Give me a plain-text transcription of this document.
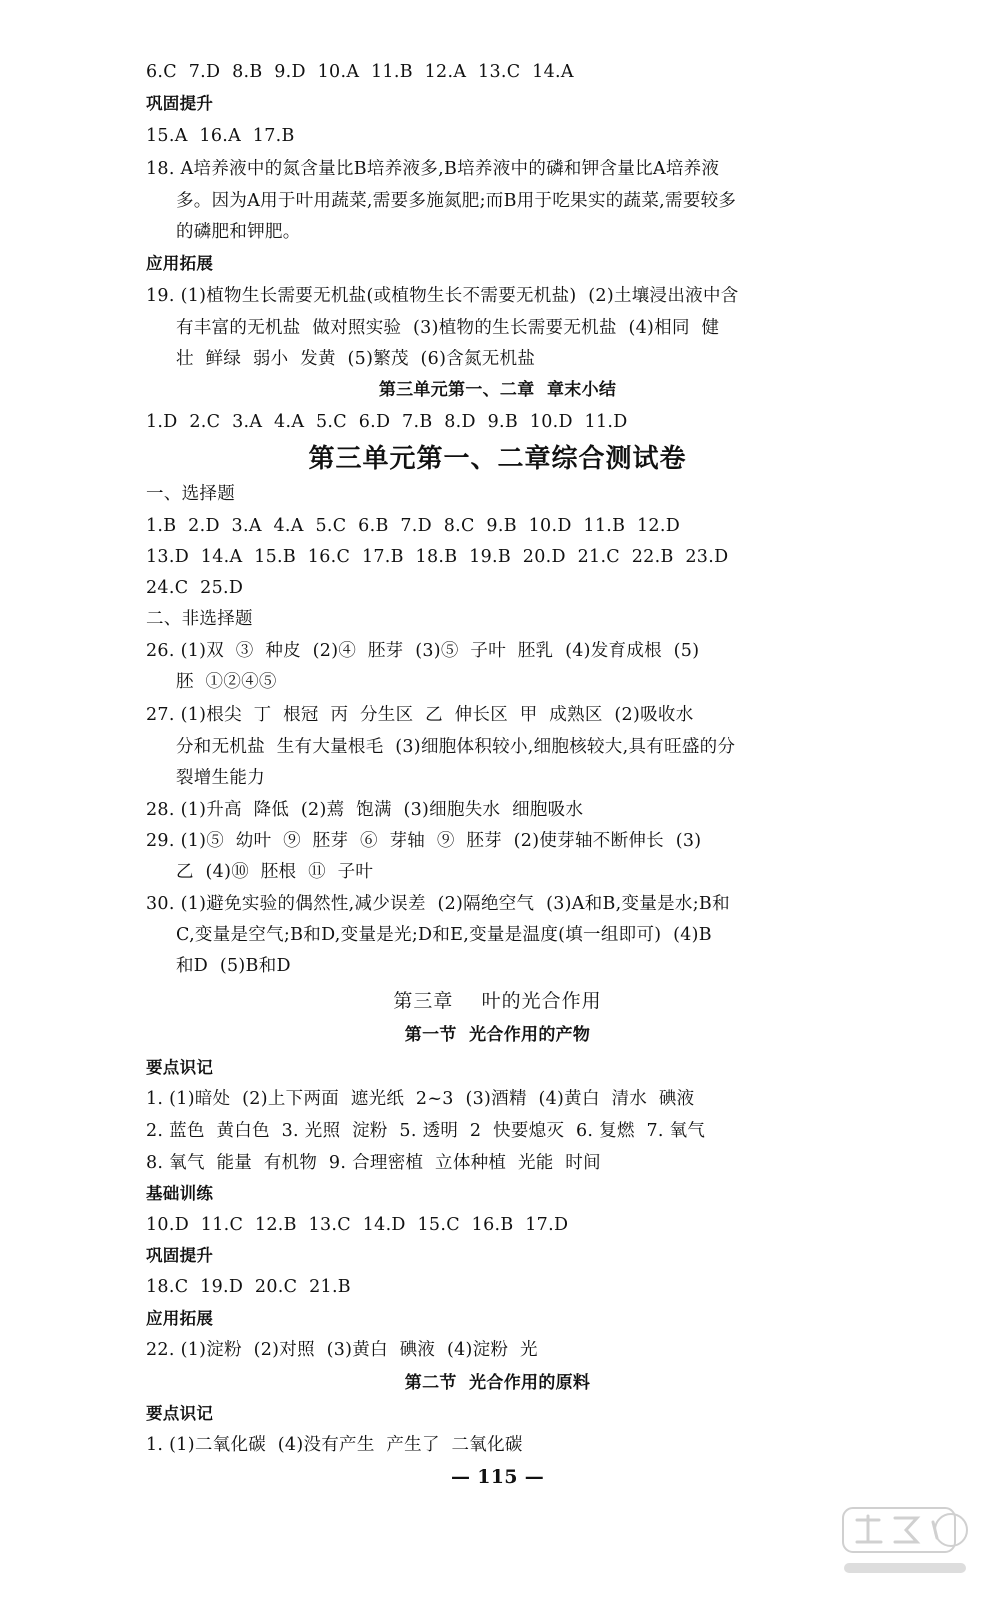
6.C  7.D  8.B  9.D  10.A  11.B  12.A  13.C  14.A
巩固提升
15.A  16.A  17.B
18. A培养液中的氮含量比B培养液多,B培养液中的磷和钾含量比A培养液
多。因为A用于叶用蔬菜,需要多施氮肥;而B用于吃果实的蔬菜,需要较多
的磷肥和钾肥。
应用拓展
19. (1)植物生长需要无机盐(或植物生长不需要无机盐)  (2)土壤浸出液中含
有丰富的无机盐  做对照实验  (3)植物的生长需要无机盐  (4)相同  健
壮  鲜绿  弱小  发黄  (5)繁茂  (6)含氮无机盐
第三单元第一、二章  章末小结
1.D  2.C  3.A  4.A  5.C  6.D  7.B  8.D  9.B  10.D  11.D
第三单元第一、二章综合测试卷
一、选择题
1.B  2.D  3.A  4.A  5.C  6.B  7.D  8.C  9.B  10.D  11.B  12.D
13.D  14.A  15.B  16.C  17.B  18.B  19.B  20.D  21.C  22.B  23.D
24.C  25.D
二、非选择题
26. (1)双  ③  种皮  (2)④  胚芽  (3)⑤  子叶  胚乳  (4)发育成根  (5)
胚  ①②④⑤
27. (1)根尖  丁  根冠  丙  分生区  乙  伸长区  甲  成熟区  (2)吸收水
分和无机盐  生有大量根毛  (3)细胞体积较小,细胞核较大,具有旺盛的分
裂增生能力
28. (1)升高  降低  (2)蔫  饱满  (3)细胞失水  细胞吸水
29. (1)⑤  幼叶  ⑨  胚芽  ⑥  芽轴  ⑨  胚芽  (2)使芽轴不断伸长  (3)
乙  (4)⑩  胚根  ⑪  子叶
30. (1)避免实验的偶然性,减少误差  (2)隔绝空气  (3)A和B,变量是水;B和
C,变量是空气;B和D,变量是光;D和E,变量是温度(填一组即可)  (4)B
和D  (5)B和D
第三章    叶的光合作用
第一节  光合作用的产物
要点识记
1. (1)暗处  (2)上下两面  遮光纸  2~3  (3)酒精  (4)黄白  清水  碘液
2. 蓝色  黄白色  3. 光照  淀粉  5. 透明  2  快要熄灭  6. 复燃  7. 氧气
8. 氧气  能量  有机物  9. 合理密植  立体种植  光能  时间
基础训练
10.D  11.C  12.B  13.C  14.D  15.C  16.B  17.D
巩固提升
18.C  19.D  20.C  21.B
应用拓展
22. (1)淀粉  (2)对照  (3)黄白  碘液  (4)淀粉  光
第二节  光合作用的原料
要点识记
1. (1)二氧化碳  (4)没有产生  产生了  二氧化碳
— 115 —
